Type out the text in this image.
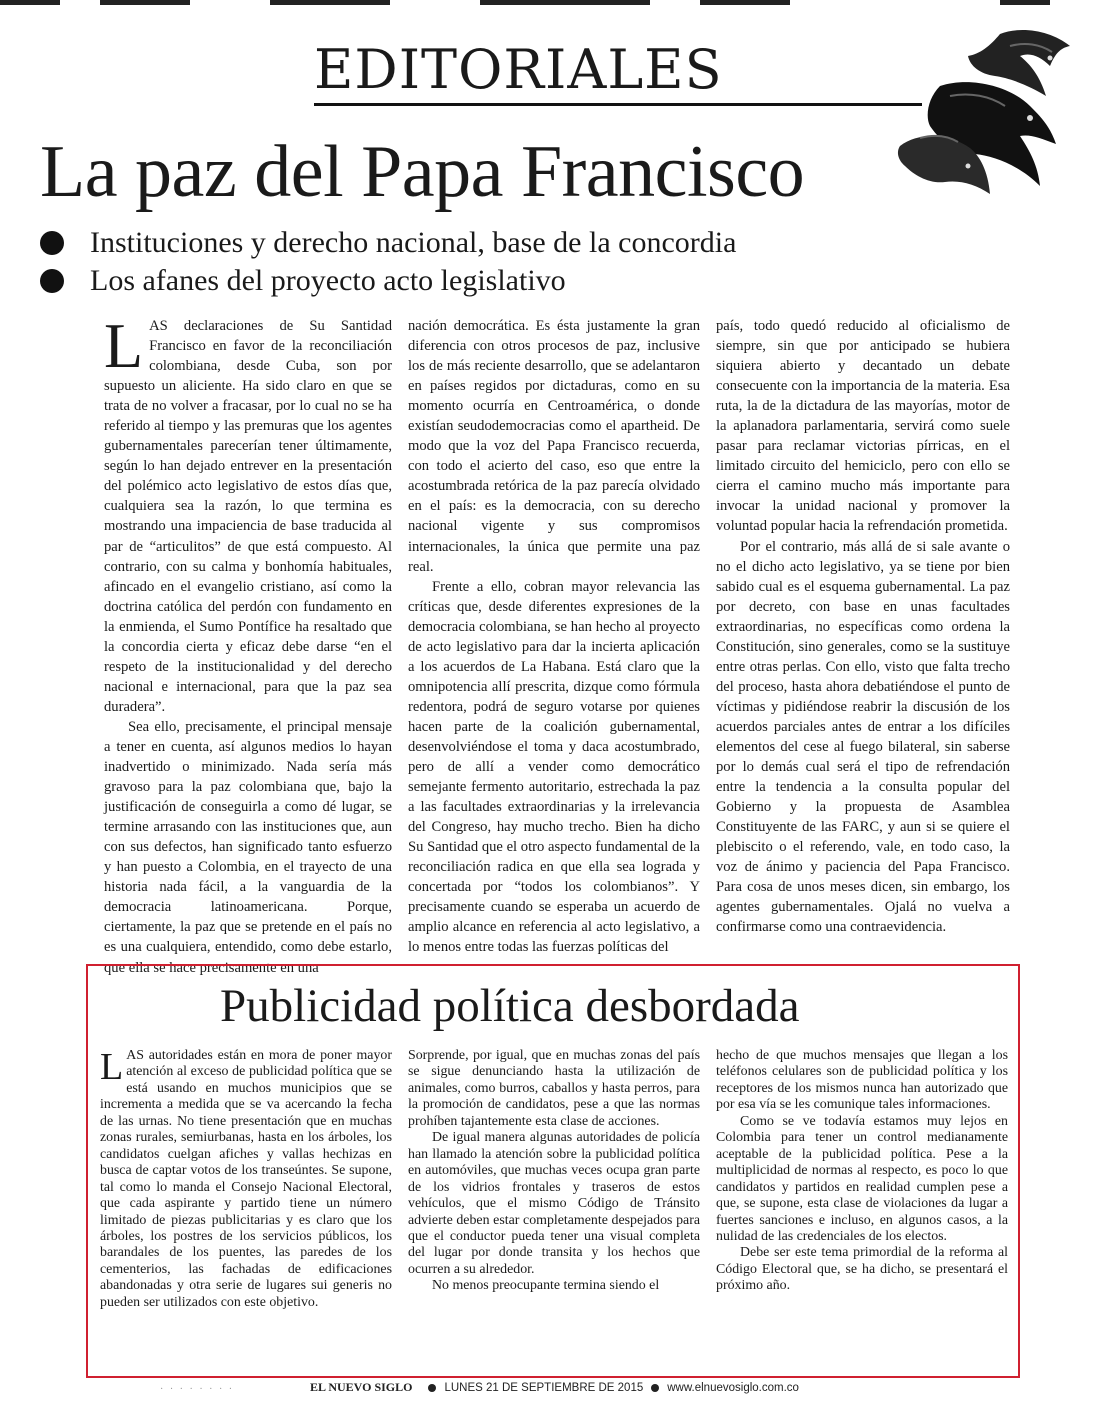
EDITORIALES
La paz del Papa Francisco
Instituciones y derecho nacional, base de la concordia
Los afanes del proyecto acto legislativo

LAS declaraciones de Su Santidad Francisco en favor de la reconciliación colombiana, desde Cuba, son por supuesto un aliciente. Ha sido claro en que se trata de no volver a fracasar, por lo cual no se ha referido al tiempo y las premuras que los agentes gubernamentales parecerían tener últimamente, según lo han dejado entrever en la presentación del polémico acto legislativo de estos días que, cualquiera sea la razón, lo que termina es mostrando una impaciencia de base traducida al par de “articulitos” de que está compuesto. Al contrario, con su calma y bonhomía habituales, afincado en el evangelio cristiano, así como la doctrina católica del perdón con fundamento en la enmienda, el Sumo Pontífice ha resaltado que la concordia cierta y eficaz debe darse “en el respeto de la institucionalidad y del derecho nacional e internacional, para que la paz sea duradera”.

Sea ello, precisamente, el principal mensaje a tener en cuenta, así algunos medios lo hayan inadvertido o minimizado. Nada sería más gravoso para la paz colombiana que, bajo la justificación de conseguirla a como dé lugar, se termine arrasando con las instituciones que, aun con sus defectos, han significado tanto esfuerzo y han puesto a Colombia, en el trayecto de una historia nada fácil, a la vanguardia de la democracia latinoamericana. Porque, ciertamente, la paz que se pretende en el país no es una cualquiera, entendido, como debe estarlo, que ella se hace precisamente en una

nación democrática. Es ésta justamente la gran diferencia con otros procesos de paz, inclusive los de más reciente desarrollo, que se adelantaron en países regidos por dictaduras, como en su momento ocurría en Centroamérica, o donde existían seudodemocracias como el apartheid. De modo que la voz del Papa Francisco recuerda, con todo el acierto del caso, eso que entre la acostumbrada retórica de la paz parecía olvidado en el país: es la democracia, con su derecho nacional vigente y sus compromisos internacionales, la única que permite una paz real.

Frente a ello, cobran mayor relevancia las críticas que, desde diferentes expresiones de la democracia colombiana, se han hecho al proyecto de acto legislativo para dar la incierta aplicación a los acuerdos de La Habana. Está claro que la omnipotencia allí prescrita, dizque como fórmula redentora, podrá de seguro votarse por quienes hacen parte de la coalición gubernamental, desenvolviéndose el toma y daca acostumbrado, pero de allí a vender como democrático semejante fermento autoritario, estrechada la paz a las facultades extraordinarias y la irrelevancia del Congreso, hay mucho trecho. Bien ha dicho Su Santidad que el otro aspecto fundamental de la reconciliación radica en que ella sea lograda y concertada por “todos los colombianos”. Y precisamente cuando se esperaba un acuerdo de amplio alcance en referencia al acto legislativo, a lo menos entre todas las fuerzas políticas del

país, todo quedó reducido al oficialismo de siempre, sin que por anticipado se hubiera siquiera abierto y decantado un debate consecuente con la importancia de la materia. Esa ruta, la de la dictadura de las mayorías, motor de la aplanadora parlamentaria, servirá como suele pasar para reclamar victorias pírricas, en el limitado circuito del hemiciclo, pero con ello se cierra el camino mucho más importante para invocar la unidad nacional y promover la voluntad popular hacia la refrendación prometida.

Por el contrario, más allá de si sale avante o no el dicho acto legislativo, ya se tiene por bien sabido cual es el esquema gubernamental. La paz por decreto, con base en unas facultades extraordinarias, no específicas como ordena la Constitución, sino generales, como se la sustituye entre otras perlas. Con ello, visto que falta trecho del proceso, hasta ahora debatiéndose el punto de víctimas y pidiéndose reabrir la discusión de los acuerdos parciales antes de entrar a los difíciles elementos del cese al fuego bilateral, sin saberse por lo demás cual será el tipo de refrendación entre la tendencia a la consulta popular del Gobierno y la propuesta de Asamblea Constituyente de las FARC, y aun si se quiere el plebiscito o el referendo, vale, en todo caso, la voz de ánimo y paciencia del Papa Francisco. Para cosa de unos meses dicen, sin embargo, los agentes gubernamentales. Ojalá no vuelva a confirmarse como una contraevidencia.

Publicidad política desbordada

LAS autoridades están en mora de poner mayor atención al exceso de publicidad política que se está usando en muchos municipios que se incrementa a medida que se va acercando la fecha de las urnas. No tiene presentación que en muchas zonas rurales, semiurbanas, hasta en los árboles, los candidatos cuelgan afiches y vallas hechizas en busca de captar votos de los transeúntes. Se supone, tal como lo manda el Consejo Nacional Electoral, que cada aspirante y partido tiene un número limitado de piezas publicitarias y es claro que los árboles, los postres de los servicios públicos, los barandales de los puentes, las paredes de los cementerios, las fachadas de edificaciones abandonadas y otra serie de lugares sui generis no pueden ser utilizados con este objetivo.

Sorprende, por igual, que en muchas zonas del país se sigue denunciando hasta la utilización de animales, como burros, caballos y hasta perros, para la promoción de candidatos, pese a que las normas prohíben tajantemente esta clase de acciones.

De igual manera algunas autoridades de policía han llamado la atención sobre la publicidad política en automóviles, que muchas veces ocupa gran parte de los vidrios frontales y traseros de estos vehículos, que el mismo Código de Tránsito advierte deben estar completamente despejados para que el conductor pueda tener una visual completa del lugar por donde transita y los hechos que ocurren a su alrededor.

No menos preocupante termina siendo el

hecho de que muchos mensajes que llegan a los teléfonos celulares son de publicidad política y los receptores de los mismos nunca han autorizado que por esa vía se les comunique tales informaciones.

Como se ve todavía estamos muy lejos en Colombia para tener un control medianamente aceptable de la publicidad política. Pese a la multiplicidad de normas al respecto, es poco lo que candidatos y partidos en realidad cumplen pese a que, se supone, esta clase de violaciones da lugar a fuertes sanciones e incluso, en algunos casos, a la nulidad de las credenciales de los electos.

Debe ser este tema primordial de la reforma al Código Electoral que, se ha dicho, se presentará el próximo año.

· · · · · · · ·	EL NUEVO SIGLO	LUNES 21 DE SEPTIEMBRE DE 2015 www.elnuevosiglo.com.co
